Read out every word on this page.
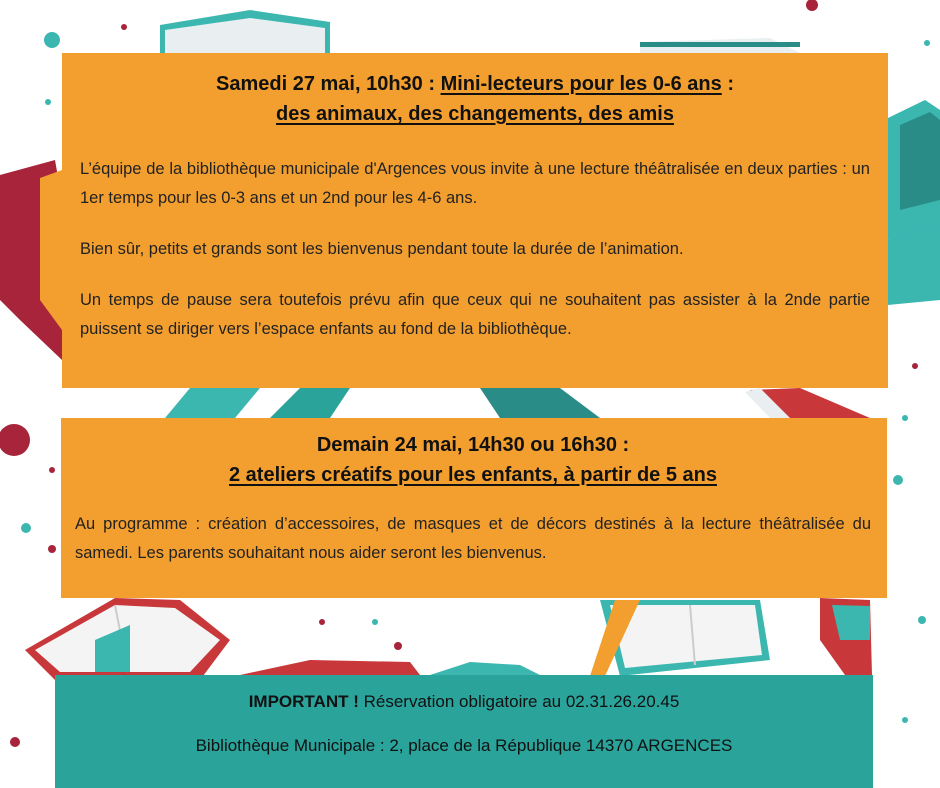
Samedi 27 mai, 10h30 : Mini-lecteurs pour les 0-6 ans :

des animaux, des changements, des amis

L’équipe de la bibliothèque municipale d'Argences vous invite à une lecture théâtralisée en deux parties : un 1er temps pour les 0-3 ans et un 2nd pour les 4-6 ans.

Bien sûr, petits et grands sont les bienvenus pendant toute la durée de l’animation.

Un temps de pause sera toutefois prévu afin que ceux qui ne souhaitent pas assister à la 2nde partie puissent se diriger vers l’espace enfants au fond de la bibliothèque.

Demain 24 mai, 14h30 ou 16h30 :

2 ateliers créatifs pour les enfants, à partir de 5 ans

Au programme : création d’accessoires, de masques et de décors destinés à la lecture théâtralisée du samedi. Les parents souhaitant nous aider seront les bienvenus.

IMPORTANT ! Réservation obligatoire au 02.31.26.20.45

Bibliothèque Municipale : 2, place de la République 14370 ARGENCES
